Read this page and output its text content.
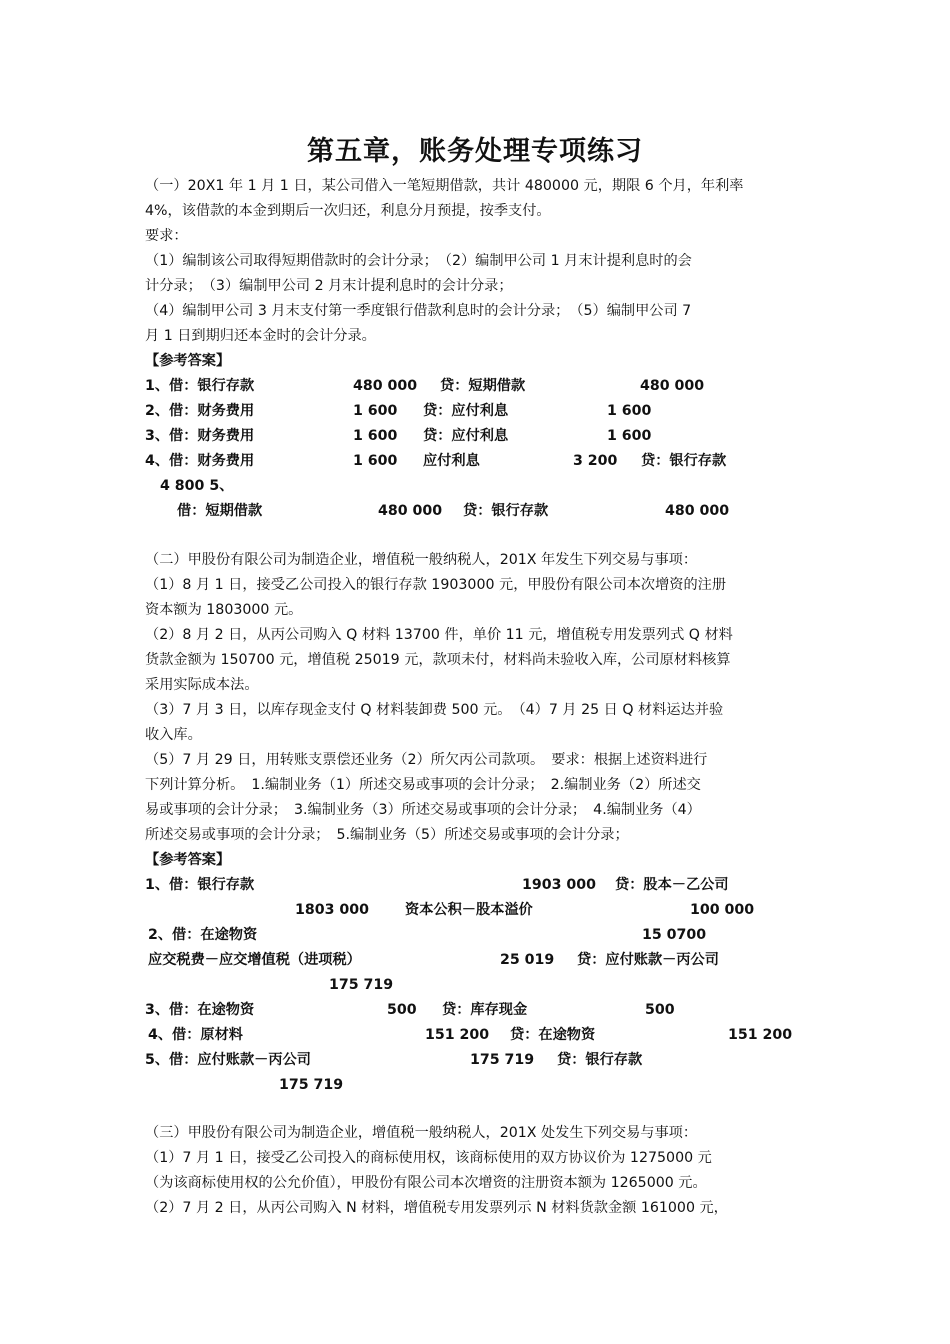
第五章，账务处理专项练习
（一）20X1 年 1 月 1 日，某公司借入一笔短期借款，共计 480000 元，期限 6 个月，年利率
4%，该借款的本金到期后一次归还，利息分月预提，按季支付。
要求：
（1）编制该公司取得短期借款时的会计分录；　（2）编制甲公司 1 月末计提利息时的会
计分录；　（3）编制甲公司 2 月末计提利息时的会计分录；
（4）编制甲公司 3 月末支付第一季度银行借款利息时的会计分录；　（5）编制甲公司 7
月 1 日到期归还本金时的会计分录。
【参考答案】
1、借：银行存款	480 000 贷：短期借款	480 000
2、借：财务费用	1 600 贷：应付利息	1 600
3、借：财务费用	1 600 贷：应付利息	1 600
4、借：财务费用	1 600 应付利息	3 200 贷：银行存款
4 800 5、
借：短期借款	480 000 贷：银行存款	480 000
（二）甲股份有限公司为制造企业，增值税一般纳税人，201X 年发生下列交易与事项：
（1）8 月 1 日，接受乙公司投入的银行存款 1903000 元，甲股份有限公司本次增资的注册
资本额为 1803000 元。
（2）8 月 2 日，从丙公司购入 Q 材料 13700 件，单价 11 元，增值税专用发票列式 Q 材料
货款金额为 150700 元，增值税 25019 元，款项未付，材料尚未验收入库，公司原材料核算
采用实际成本法。
（3）7 月 3 日，以库存现金支付 Q 材料装卸费 500 元。　（4）7 月 25 日 Q 材料运达并验
收入库。
（5）7 月 29 日，用转账支票偿还业务（2）所欠丙公司款项。　要求：根据上述资料进行
下列计算分析。　1.编制业务（1）所述交易或事项的会计分录；　2.编制业务（2）所述交
易或事项的会计分录；　3.编制业务（3）所述交易或事项的会计分录；　4.编制业务（4）
所述交易或事项的会计分录；　5.编制业务（5）所述交易或事项的会计分录；
【参考答案】
1、借：银行存款	1903 000 贷：股本－乙公司
1803 000	资本公积－股本溢价	100 000
2、借：在途物资	15 0700
应交税费－应交增值税（进项税）	25 019 贷：应付账款－丙公司
175 719
3、借：在途物资	500 贷：库存现金	500
4、借：原材料	151 200 贷：在途物资	151 200
5、借：应付账款－丙公司	175 719 贷：银行存款
175 719
（三）甲股份有限公司为制造企业，增值税一般纳税人，201X 处发生下列交易与事项：
（1）7 月 1 日，接受乙公司投入的商标使用权，该商标使用的双方协议价为 1275000 元
（为该商标使用权的公允价值），甲股份有限公司本次增资的注册资本额为 1265000 元。
（2）7 月 2 日，从丙公司购入 N 材料，增值税专用发票列示 N 材料货款金额 161000 元，
